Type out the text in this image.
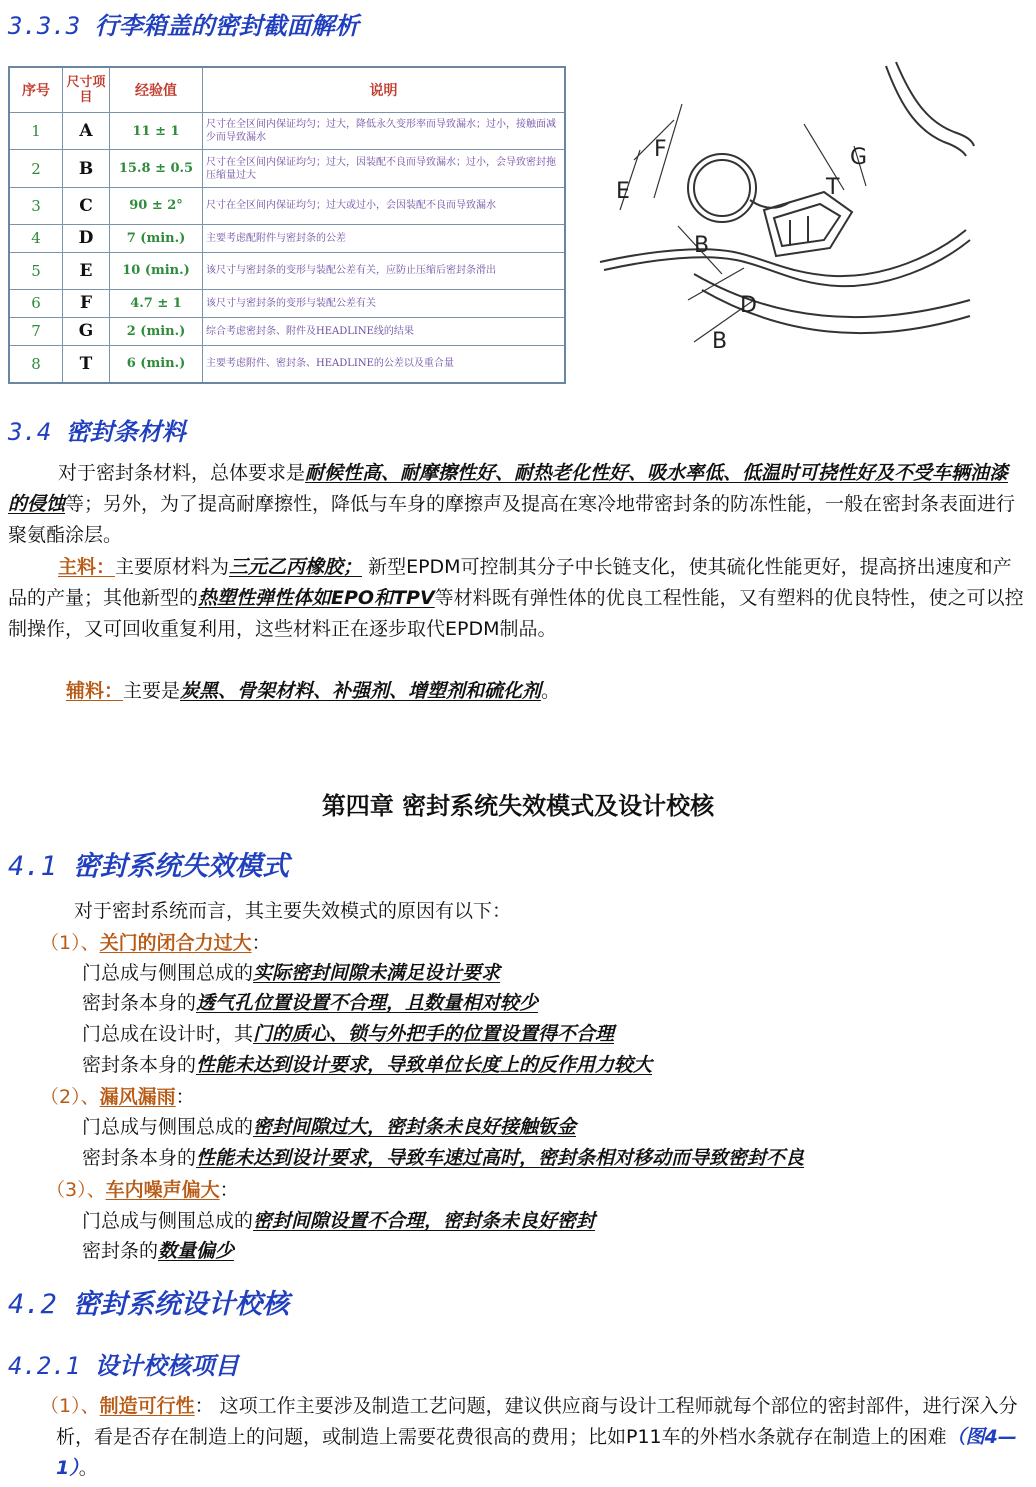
3.3.3 行李箱盖的密封截面解析
序号	尺寸项目	经验值	说明
1	A	11 ± 1	尺寸在全区间内保证均匀；过大，降低永久变形率而导致漏水；过小，接触面减少而导致漏水
2	B	15.8 ± 0.5	尺寸在全区间内保证均匀；过大，因装配不良而导致漏水；过小，会导致密封拖压缩量过大
3	C	90 ± 2°	尺寸在全区间内保证均匀；过大或过小，会因装配不良而导致漏水
4	D	7 (min.)	主要考虑配附件与密封条的公差
5	E	10 (min.)	该尺寸与密封条的变形与装配公差有关，应防止压缩后密封条滑出
6	F	4.7 ± 1	该尺寸与密封条的变形与装配公差有关
7	G	2 (min.)	综合考虑密封条、附件及HEADLINE线的结果
8	T	6 (min.)	主要考虑附件、密封条、HEADLINE的公差以及重合量
F	G
E	T
B
D
B
3.4 密封条材料
对于密封条材料，总体要求是耐候性高、耐摩擦性好、耐热老化性好、吸水率低、低温时可挠性好及不受车辆油漆的侵蚀等；另外，为了提高耐摩擦性，降低与车身的摩擦声及提高在寒冷地带密封条的防冻性能，一般在密封条表面进行聚氨酯涂层。
主料：主要原材料为三元乙丙橡胶； 新型EPDM可控制其分子中长链支化，使其硫化性能更好，提高挤出速度和产品的产量；其他新型的热塑性弹性体如EPO和TPV等材料既有弹性体的优良工程性能，又有塑料的优良特性，使之可以控制操作，又可回收重复利用，这些材料正在逐步取代EPDM制品。
辅料：主要是炭黑、骨架材料、补强剂、增塑剂和硫化剂。
第四章 密封系统失效模式及设计校核
4.1 密封系统失效模式
对于密封系统而言，其主要失效模式的原因有以下：
（1）、关门的闭合力过大：
门总成与侧围总成的实际密封间隙未满足设计要求
密封条本身的透气孔位置设置不合理，且数量相对较少
门总成在设计时，其门的质心、锁与外把手的位置设置得不合理
密封条本身的性能未达到设计要求，导致单位长度上的反作用力较大
（2）、漏风漏雨：
门总成与侧围总成的密封间隙过大，密封条未良好接触钣金
密封条本身的性能未达到设计要求，导致车速过高时，密封条相对移动而导致密封不良
（3）、车内噪声偏大：
门总成与侧围总成的密封间隙设置不合理，密封条未良好密封
密封条的数量偏少
4.2 密封系统设计校核
4.2.1 设计校核项目
（1）、制造可行性： 这项工作主要涉及制造工艺问题，建议供应商与设计工程师就每个部位的密封部件，进行深入分析，看是否存在制造上的问题，或制造上需要花费很高的费用；比如P11车的外档水条就存在制造上的困难（图4—1）。
